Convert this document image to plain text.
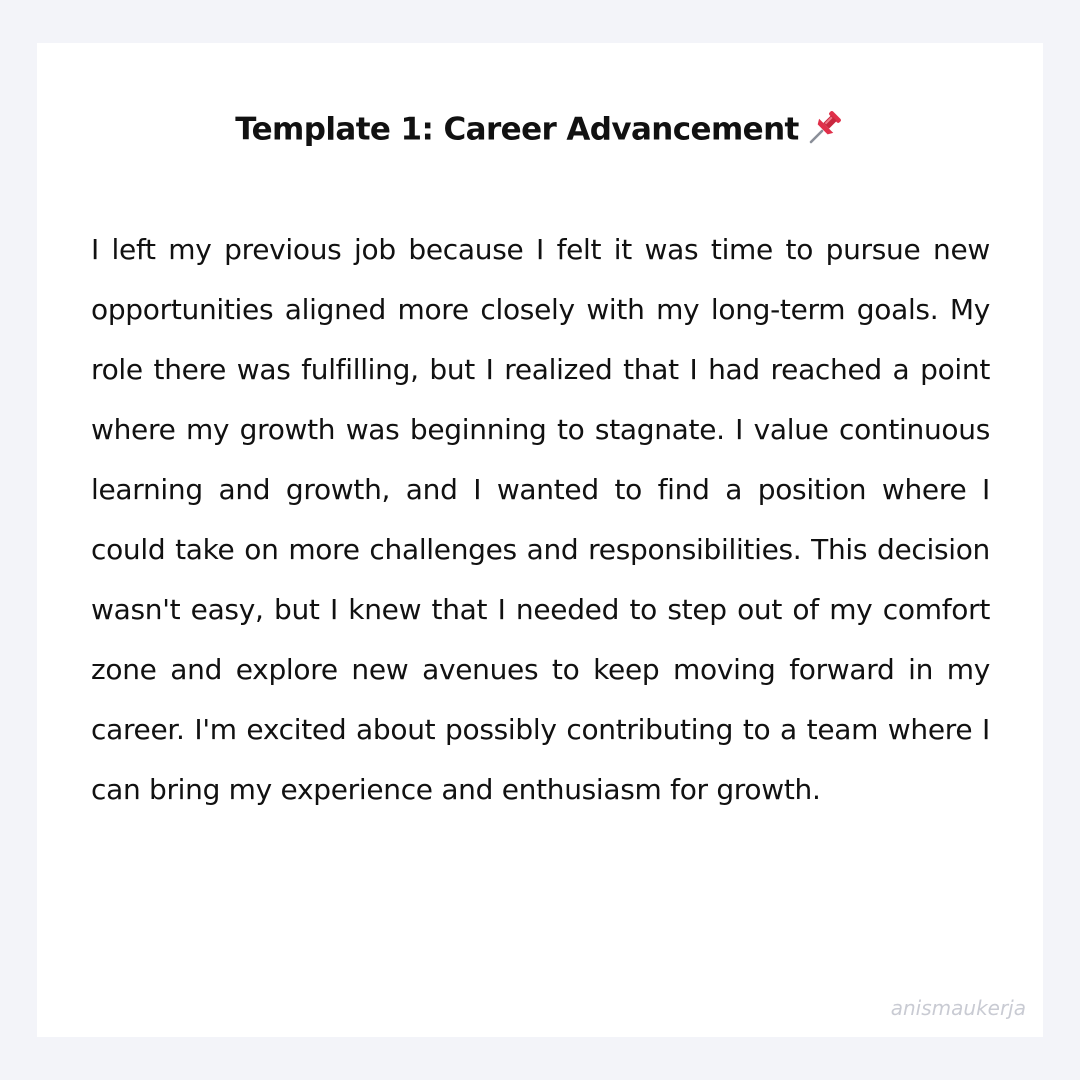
Template 1: Career Advancement

I left my previous job because I felt it was time to pursue new opportunities aligned more closely with my long-term goals. My role there was fulfilling, but I realized that I had reached a point where my growth was beginning to stagnate. I value continuous learning and growth, and I wanted to find a position where I could take on more challenges and responsibilities. This decision wasn't easy, but I knew that I needed to step out of my comfort zone and explore new avenues to keep moving forward in my career. I'm excited about possibly contributing to a team where I can bring my experience and enthusiasm for growth.

anismaukerja
